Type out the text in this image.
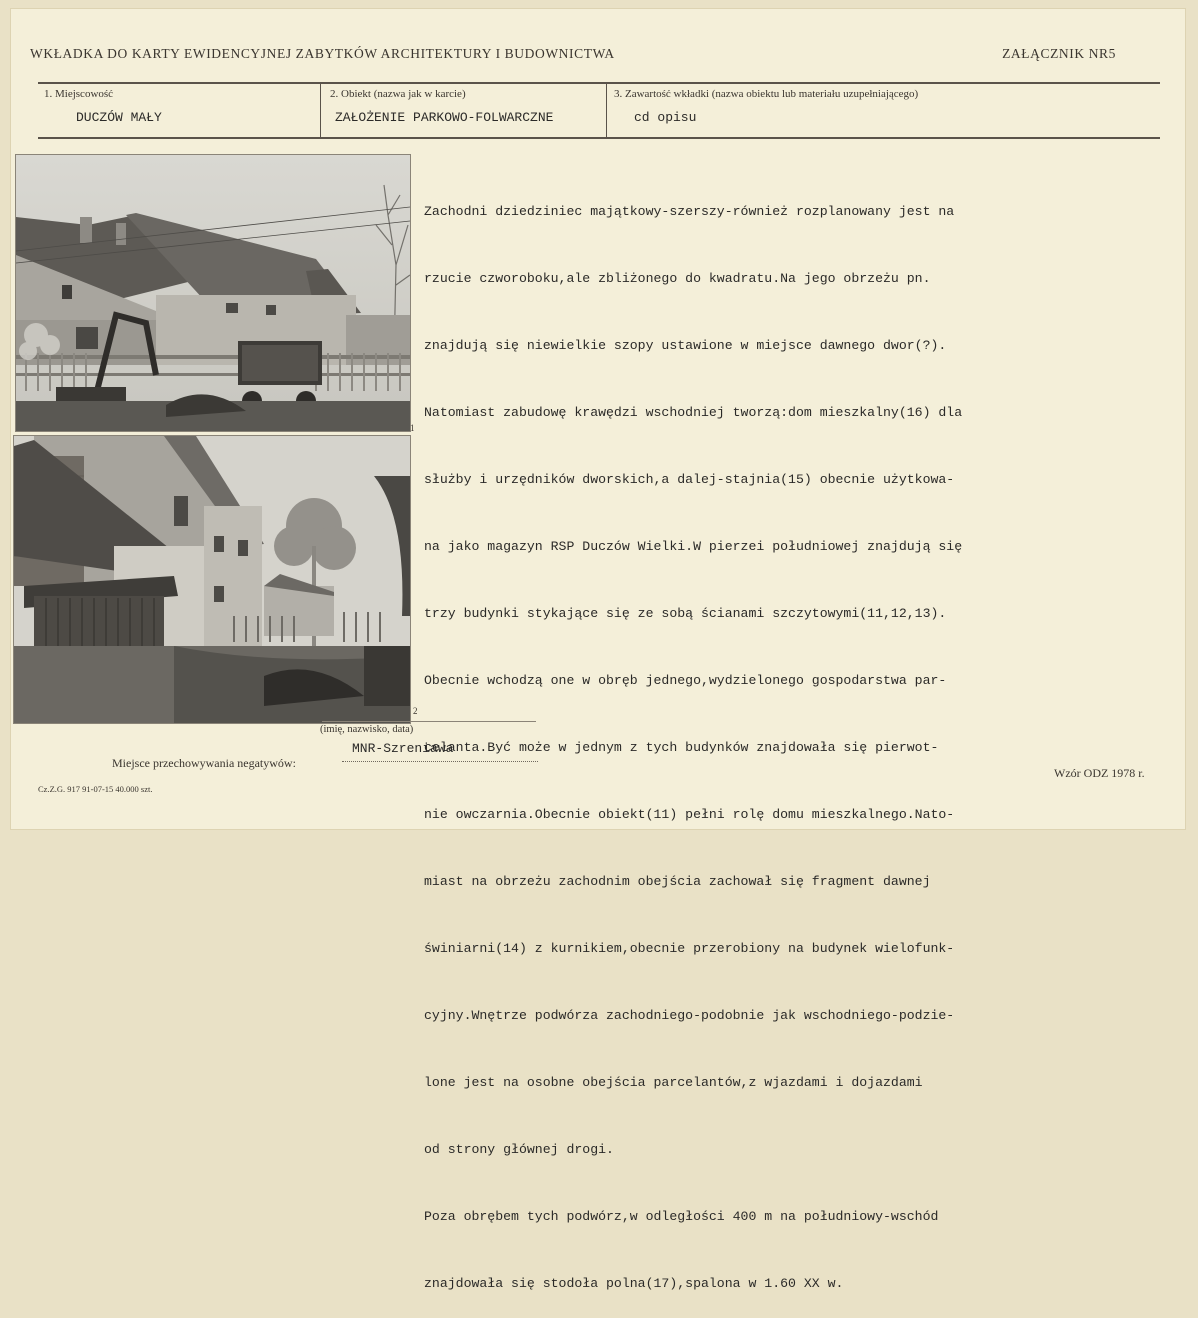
WKŁADKA DO KARTY EWIDENCYJNEJ ZABYTKÓW ARCHITEKTURY I BUDOWNICTWA	ZAŁĄCZNIK NR5
1. Miejscowość
DUCZÓW MAŁY
2. Obiekt (nazwa jak w karcie)
ZAŁOŻENIE PARKOWO-FOLWARCZNE
3. Zawartość wkładki (nazwa obiektu lub materiału uzupełniającego)
cd opisu
1
2

Zachodni dziedziniec majątkowy-szerszy-również rozplanowany jest na

rzucie czworoboku,ale zbliżonego do kwadratu.Na jego obrzeżu pn.

znajdują się niewielkie szopy ustawione w miejsce dawnego dwor(?).

Natomiast zabudowę krawędzi wschodniej tworzą:dom mieszkalny(16) dla

służby i urzędników dworskich,a dalej-stajnia(15) obecnie użytkowa-

na jako magazyn RSP Duczów Wielki.W pierzei południowej znajdują się

trzy budynki stykające się ze sobą ścianami szczytowymi(11,12,13).

Obecnie wchodzą one w obręb jednego,wydzielonego gospodarstwa par-

celanta.Być może w jednym z tych budynków znajdowała się pierwot-

nie owczarnia.Obecnie obiekt(11) pełni rolę domu mieszkalnego.Nato-

miast na obrzeżu zachodnim obejścia zachował się fragment dawnej

świniarni(14) z kurnikiem,obecnie przerobiony na budynek wielofunk-

cyjny.Wnętrze podwórza zachodniego-podobnie jak wschodniego-podzie-

lone jest na osobne obejścia parcelantów,z wjazdami i dojazdami

od strony głównej drogi.

Poza obrębem tych podwórz,w odległości 400 m na południowy-wschód

znajdowała się stodoła polna(17),spalona w 1.60 XX w.

(imię, nazwisko, data)
Miejsce przechowywania negatywów:
MNR-Szreniawa
Cz.Z.G. 917 91-07-15 40.000 szt.
Wzór ODZ 1978 r.
